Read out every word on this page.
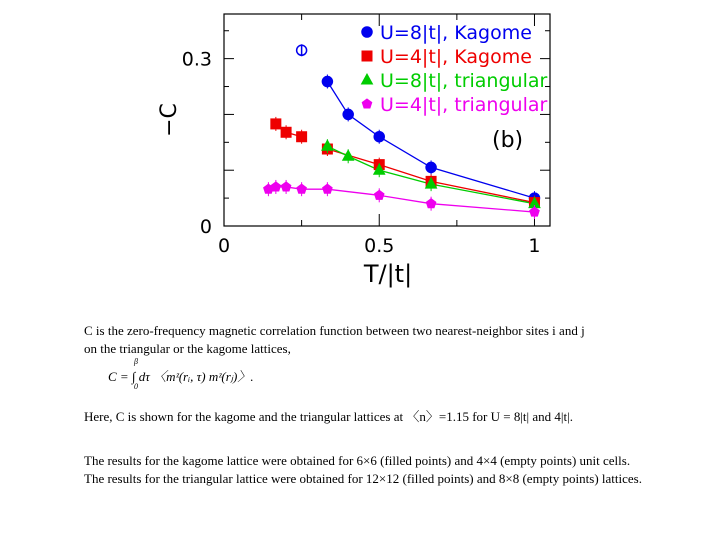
0	0.5	1
0
0.3
(b)
U=8|t|, Kagome
U=4|t|, Kagome
U=8|t|, triangular
U=4|t|, triangular
T/|t|
−C
C is the zero-frequency magnetic correlation function between two nearest-neighbor sites i and j
on the triangular or the kagome lattices,
β
C = ∫ dτ 〈mᶻ(rᵢ, τ) mᶻ(rⱼ)〉.
0
Here, C is shown for the kagome and the triangular lattices at 〈n〉=1.15 for U = 8|t| and 4|t|.
The results for the kagome lattice were obtained for 6×6 (filled points) and 4×4 (empty points) unit cells.
The results for the triangular lattice were obtained for 12×12 (filled points) and 8×8 (empty points) lattices.
